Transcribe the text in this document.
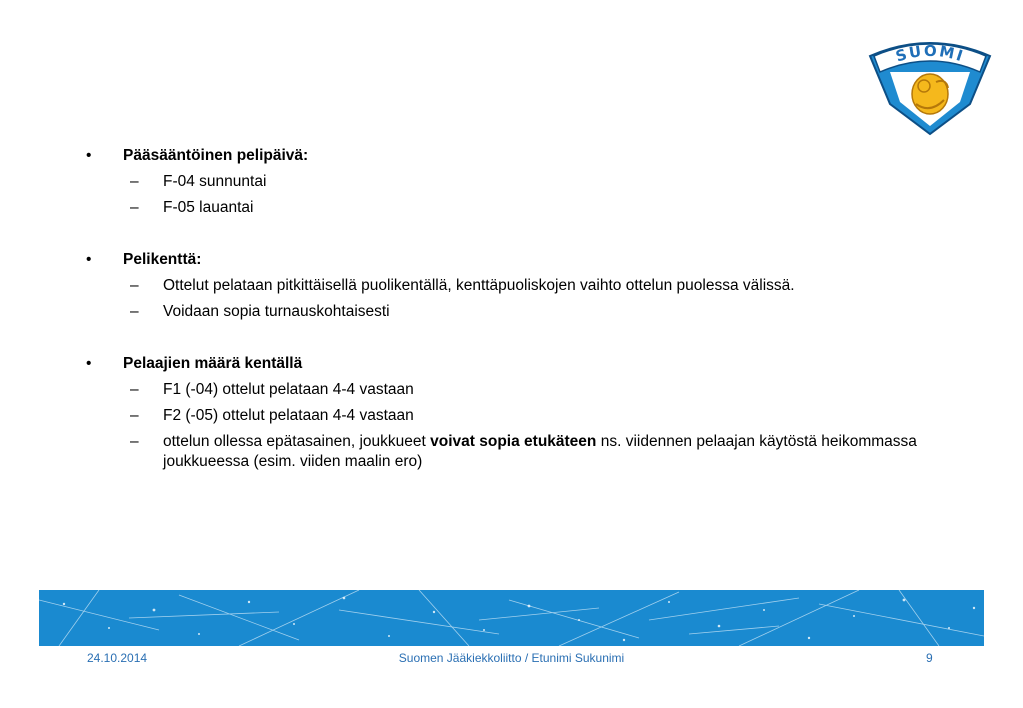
SUOMI
•	Pääsääntöinen pelipäivä:
–	F-04 sunnuntai
–	F-05 lauantai
•	Pelikenttä:
–	Ottelut pelataan pitkittäisellä puolikentällä, kenttäpuoliskojen vaihto ottelun puolessa välissä.
–	Voidaan sopia turnauskohtaisesti
•	Pelaajien määrä kentällä
–	F1 (-04) ottelut pelataan 4-4 vastaan
–	F2 (-05) ottelut pelataan 4-4 vastaan
–	ottelun ollessa epätasainen, joukkueet voivat sopia etukäteen ns. viidennen pelaajan käytöstä heikommassa joukkueessa (esim. viiden maalin ero)
24.10.2014	Suomen Jääkiekkoliitto / Etunimi Sukunimi	9
